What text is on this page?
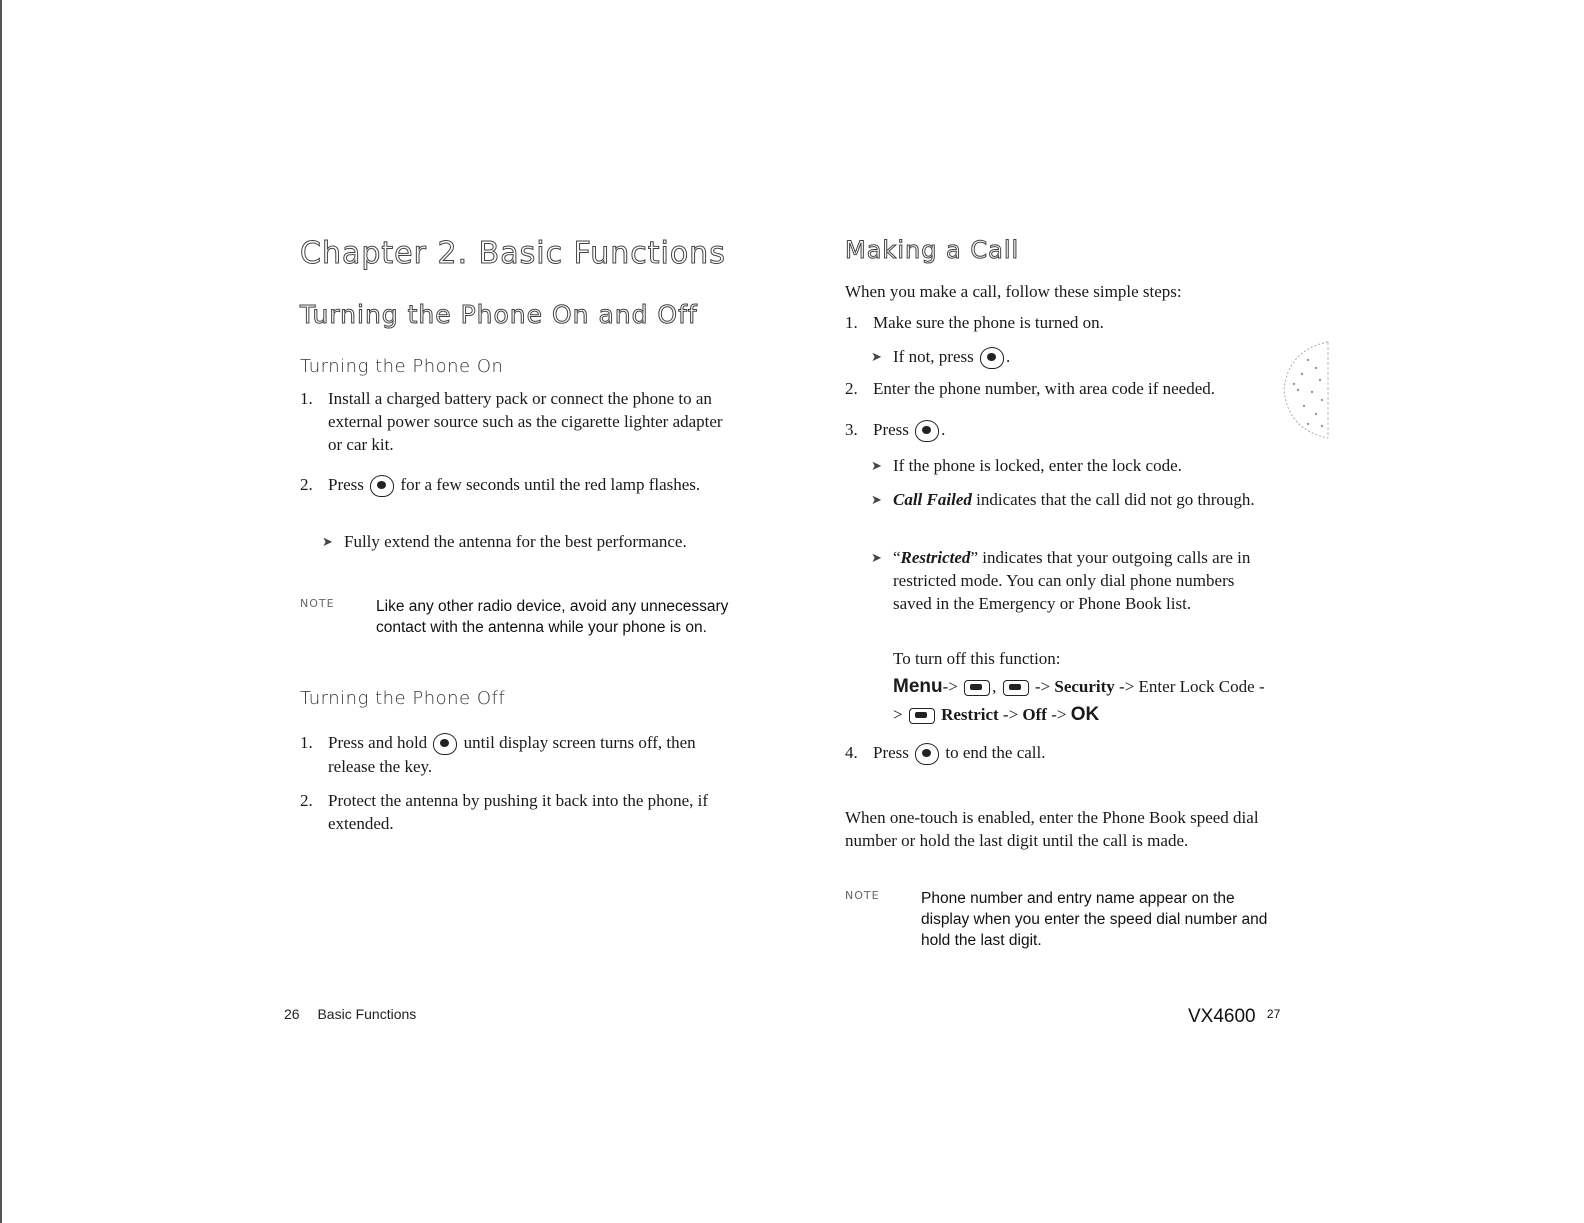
Chapter 2. Basic Functions
Turning the Phone On and Off
Turning the Phone On
1. Install a charged battery pack or connect the phone to an external power source such as the cigarette lighter adapter or car kit.
2. Press for a few seconds until the red lamp flashes.
➤ Fully extend the antenna for the best performance.
NOTE	Like any other radio device, avoid any unnecessary contact with the antenna while your phone is on.
Turning the Phone Off
1. Press and hold until display screen turns off, then release the key.
2. Protect the antenna by pushing it back into the phone, if extended.
Making a Call
When you make a call, follow these simple steps:
1. Make sure the phone is turned on.
➤ If not, press .
2. Enter the phone number, with area code if needed.
3. Press .
➤ If the phone is locked, enter the lock code.
➤ Call Failed indicates that the call did not go through.
➤ “Restricted” indicates that your outgoing calls are in restricted mode. You can only dial phone numbers saved in the Emergency or Phone Book list.
To turn off this function:
Menu-> ,  -> Security -> Enter Lock Code ->  Restrict -> Off -> OK
4. Press to end the call.
When one-touch is enabled, enter the Phone Book speed dial number or hold the last digit until the call is made.
NOTE	Phone number and entry name appear on the display when you enter the speed dial number and hold the last digit.
26 Basic Functions	VX4600 $^{27}$
